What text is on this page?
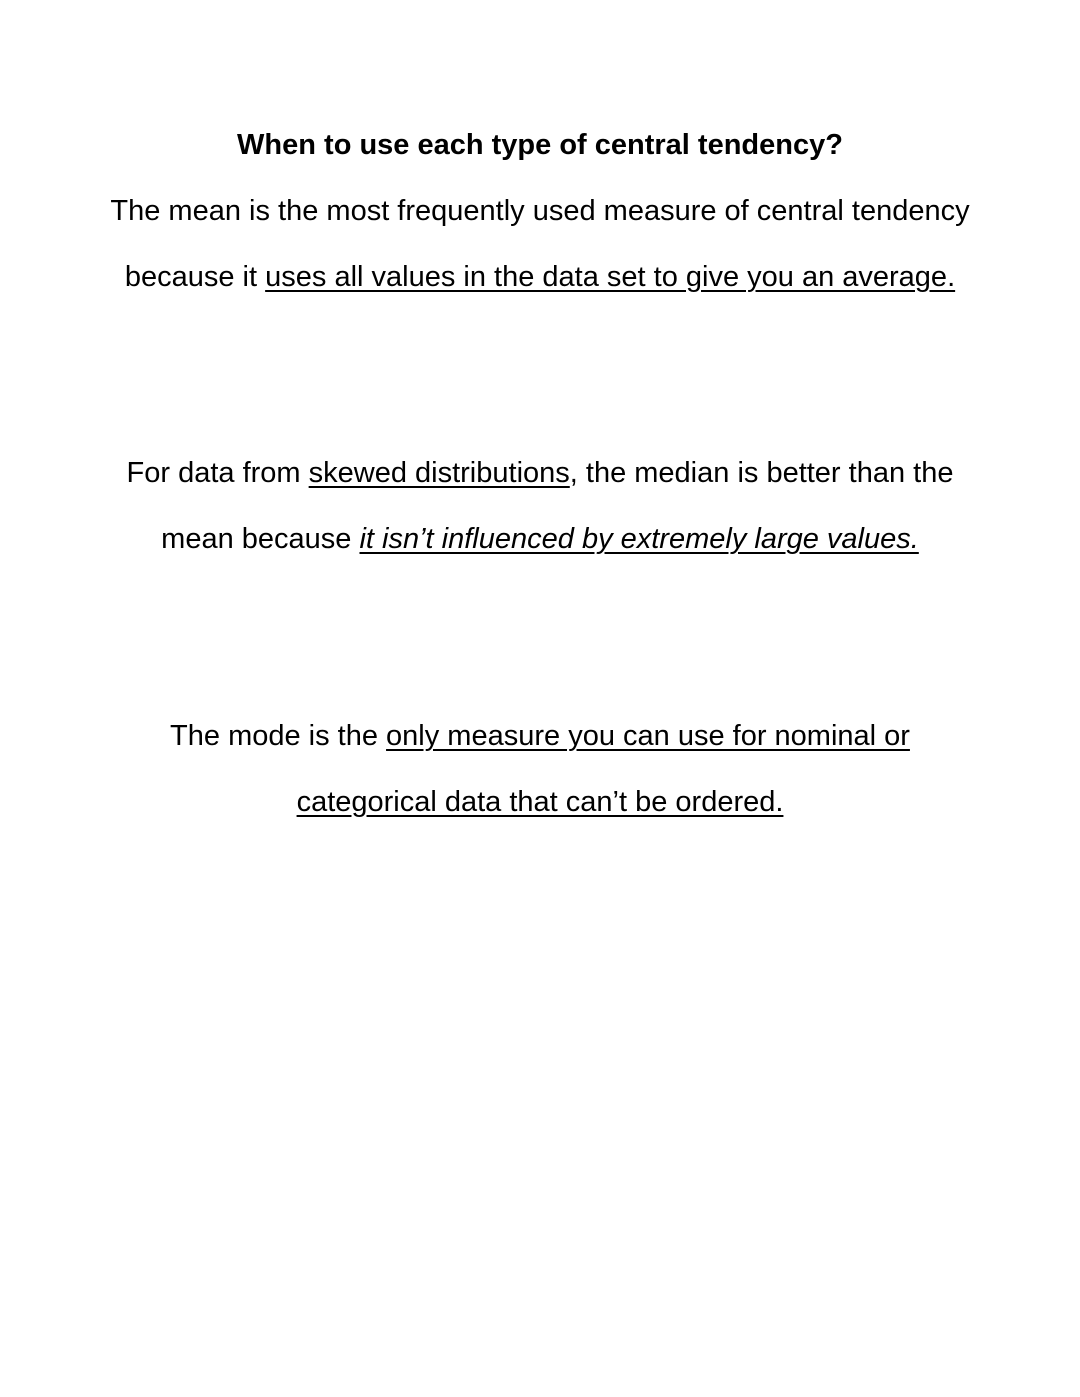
When to use each type of central tendency?

The mean is the most frequently used measure of central tendency because it uses all values in the data set to give you an average.

For data from skewed distributions, the median is better than the mean because it isn’t influenced by extremely large values.

The mode is the only measure you can use for nominal or categorical data that can’t be ordered.
